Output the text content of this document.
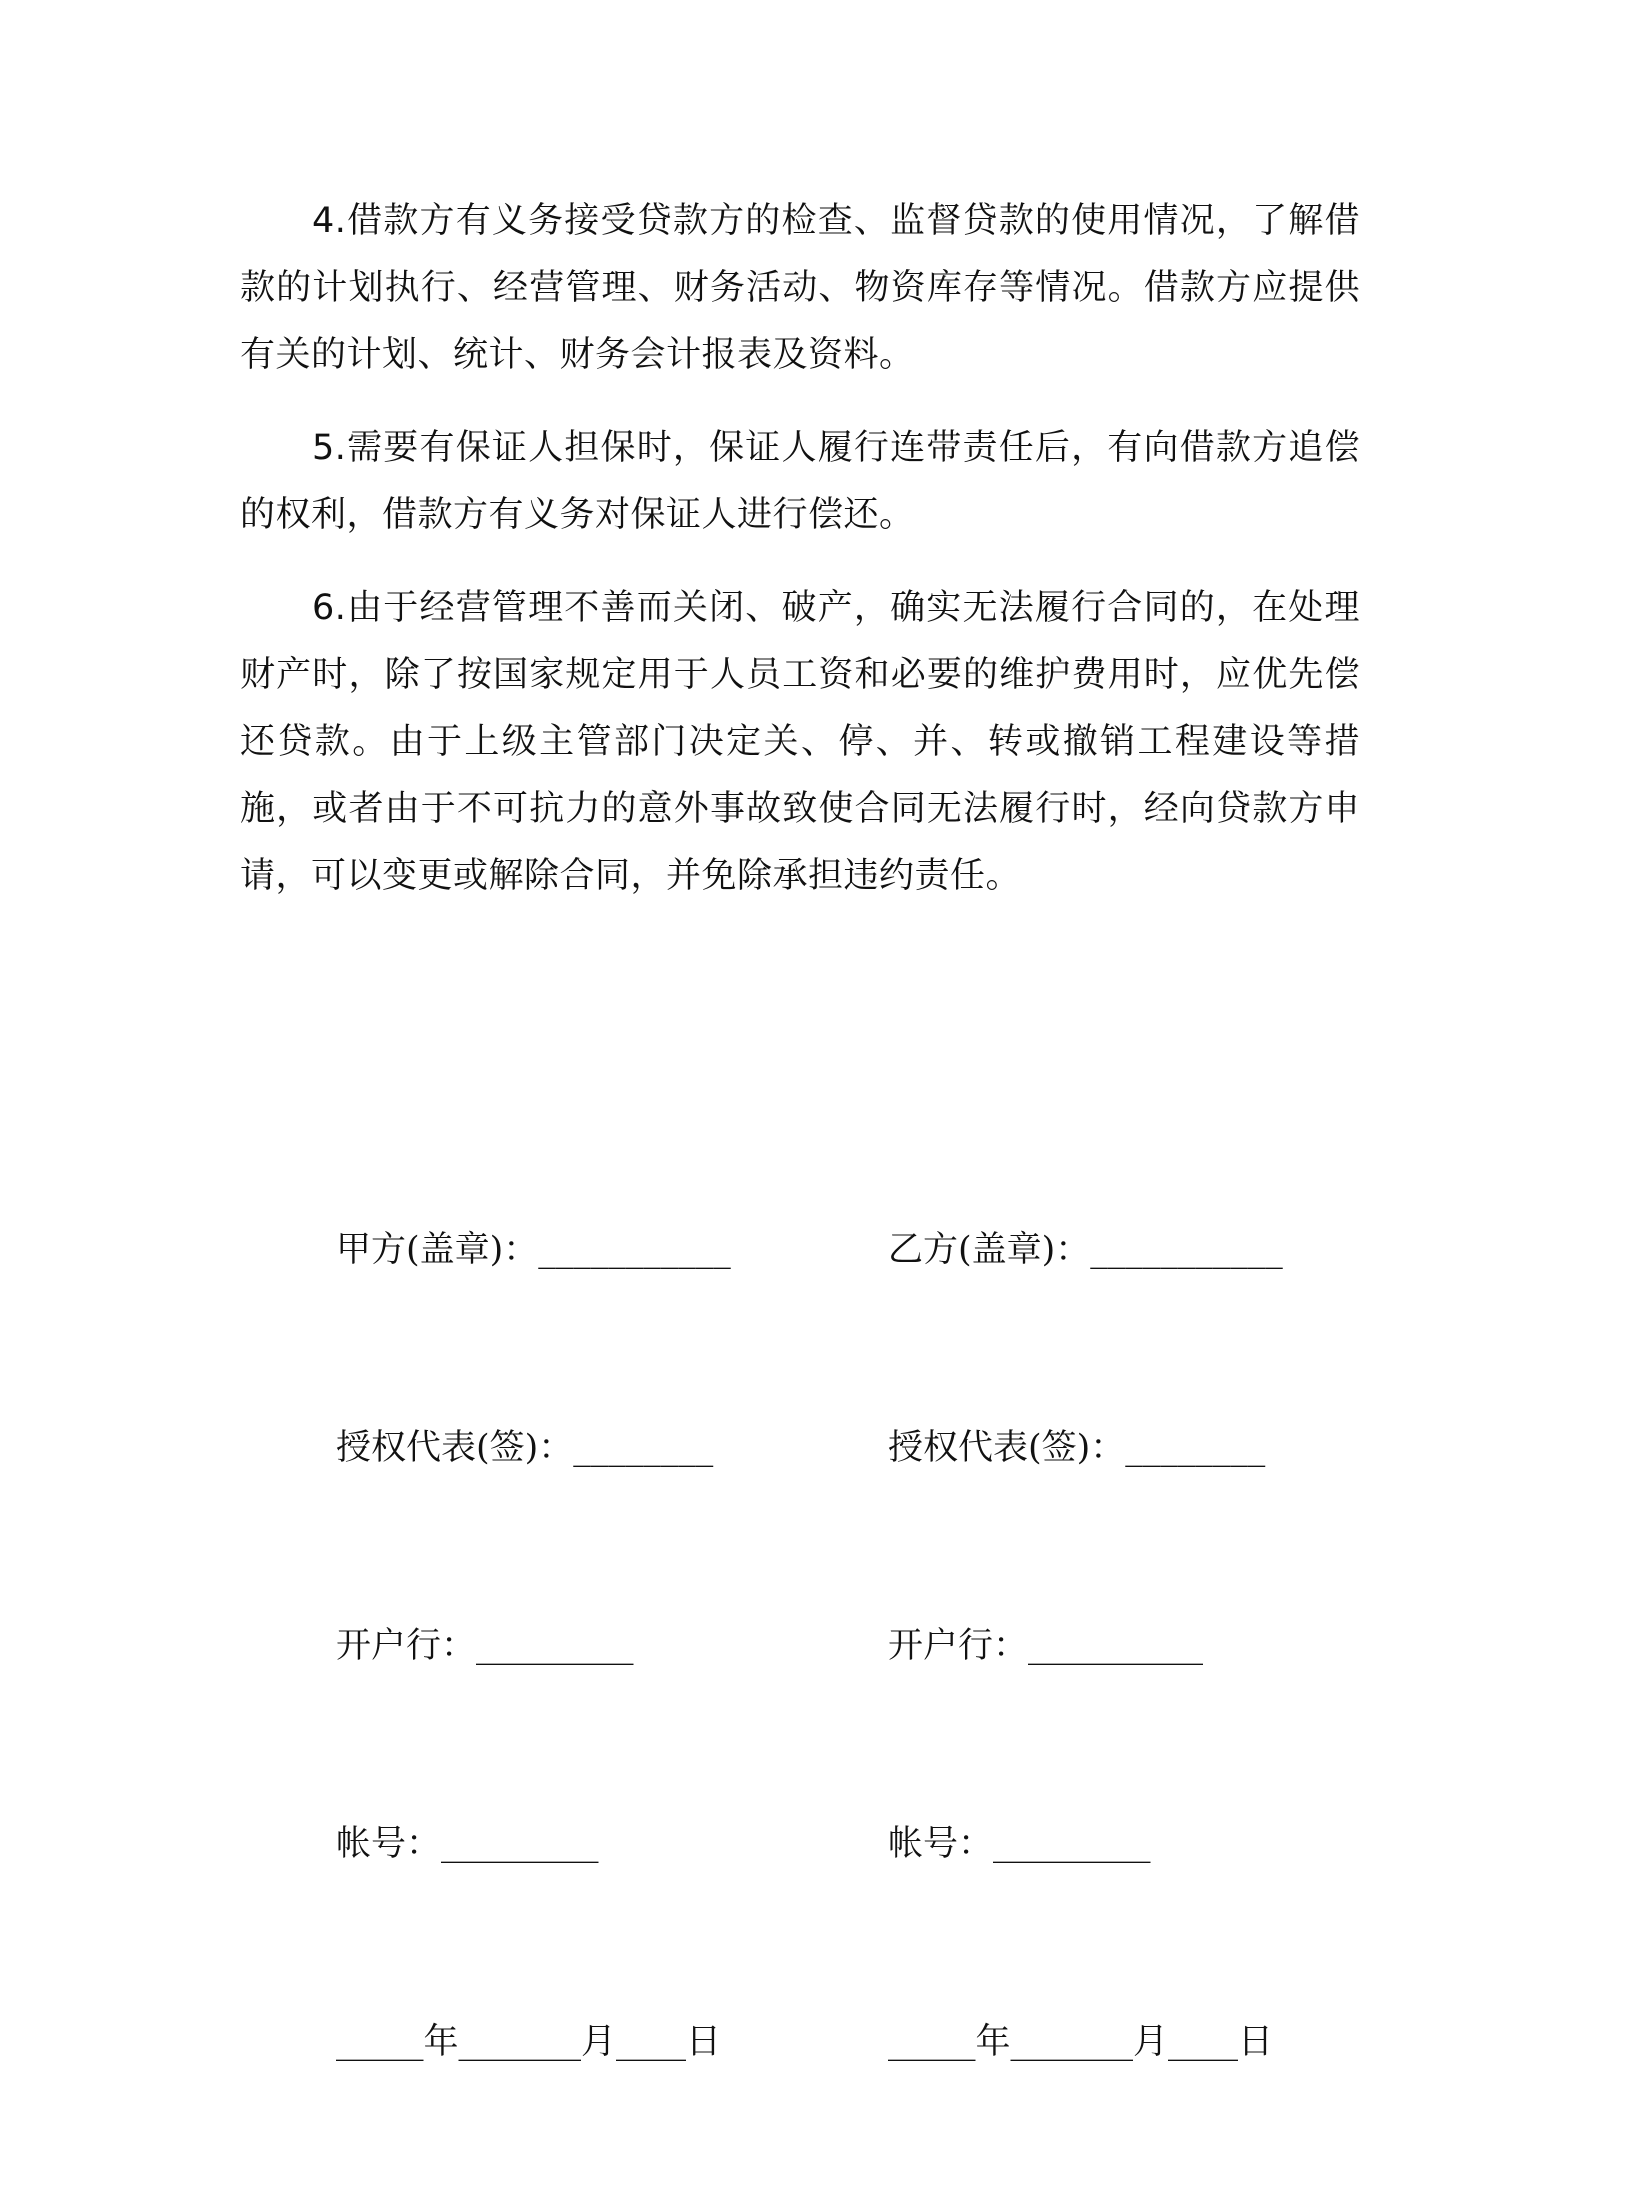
4.借款方有义务接受贷款方的检查、监督贷款的使用情况，了解借款的计划执行、经营管理、财务活动、物资库存等情况。借款方应提供有关的计划、统计、财务会计报表及资料。

5.需要有保证人担保时，保证人履行连带责任后，有向借款方追偿的权利，借款方有义务对保证人进行偿还。

6.由于经营管理不善而关闭、破产，确实无法履行合同的，在处理财产时，除了按国家规定用于人员工资和必要的维护费用时，应优先偿还贷款。由于上级主管部门决定关、停、并、转或撤销工程建设等措施，或者由于不可抗力的意外事故致使合同无法履行时，经向贷款方申请，可以变更或解除合同，并免除承担违约责任。

甲方(盖章)：___________

授权代表(签)：________

开户行：_________

帐号：_________

_____年_______月____日

乙方(盖章)：___________

授权代表(签)：________

开户行：__________

帐号：_________

_____年_______月____日
